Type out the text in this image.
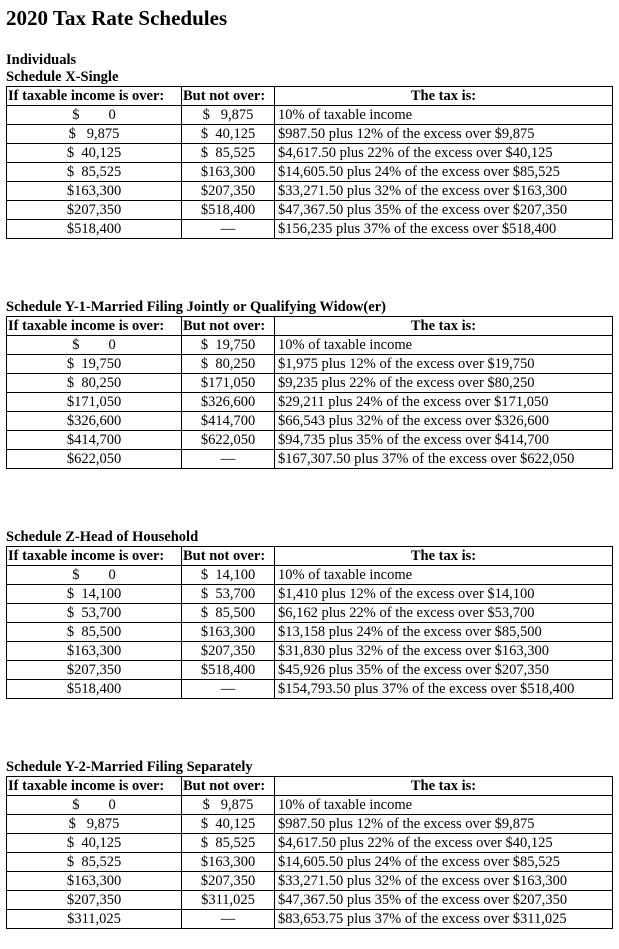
2020 Tax Rate Schedules
Individuals
Schedule X-Single
If taxable income is over:	But not over:	The tax is:
$        0	$   9,875	10% of taxable income
$   9,875	$  40,125	$987.50 plus 12% of the excess over $9,875
$  40,125	$  85,525	$4,617.50 plus 22% of the excess over $40,125
$  85,525	$163,300	$14,605.50 plus 24% of the excess over $85,525
$163,300	$207,350	$33,271.50 plus 32% of the excess over $163,300
$207,350	$518,400	$47,367.50 plus 35% of the excess over $207,350
$518,400	—	$156,235 plus 37% of the excess over $518,400
Schedule Y-1-Married Filing Jointly or Qualifying Widow(er)
If taxable income is over:	But not over:	The tax is:
$        0	$  19,750	10% of taxable income
$  19,750	$  80,250	$1,975 plus 12% of the excess over $19,750
$  80,250	$171,050	$9,235 plus 22% of the excess over $80,250
$171,050	$326,600	$29,211 plus 24% of the excess over $171,050
$326,600	$414,700	$66,543 plus 32% of the excess over $326,600
$414,700	$622,050	$94,735 plus 35% of the excess over $414,700
$622,050	—	$167,307.50 plus 37% of the excess over $622,050
Schedule Z-Head of Household
If taxable income is over:	But not over:	The tax is:
$        0	$  14,100	10% of taxable income
$  14,100	$  53,700	$1,410 plus 12% of the excess over $14,100
$  53,700	$  85,500	$6,162 plus 22% of the excess over $53,700
$  85,500	$163,300	$13,158 plus 24% of the excess over $85,500
$163,300	$207,350	$31,830 plus 32% of the excess over $163,300
$207,350	$518,400	$45,926 plus 35% of the excess over $207,350
$518,400	—	$154,793.50 plus 37% of the excess over $518,400
Schedule Y-2-Married Filing Separately
If taxable income is over:	But not over:	The tax is:
$        0	$   9,875	10% of taxable income
$   9,875	$  40,125	$987.50 plus 12% of the excess over $9,875
$  40,125	$  85,525	$4,617.50 plus 22% of the excess over $40,125
$  85,525	$163,300	$14,605.50 plus 24% of the excess over $85,525
$163,300	$207,350	$33,271.50 plus 32% of the excess over $163,300
$207,350	$311,025	$47,367.50 plus 35% of the excess over $207,350
$311,025	—	$83,653.75 plus 37% of the excess over $311,025
